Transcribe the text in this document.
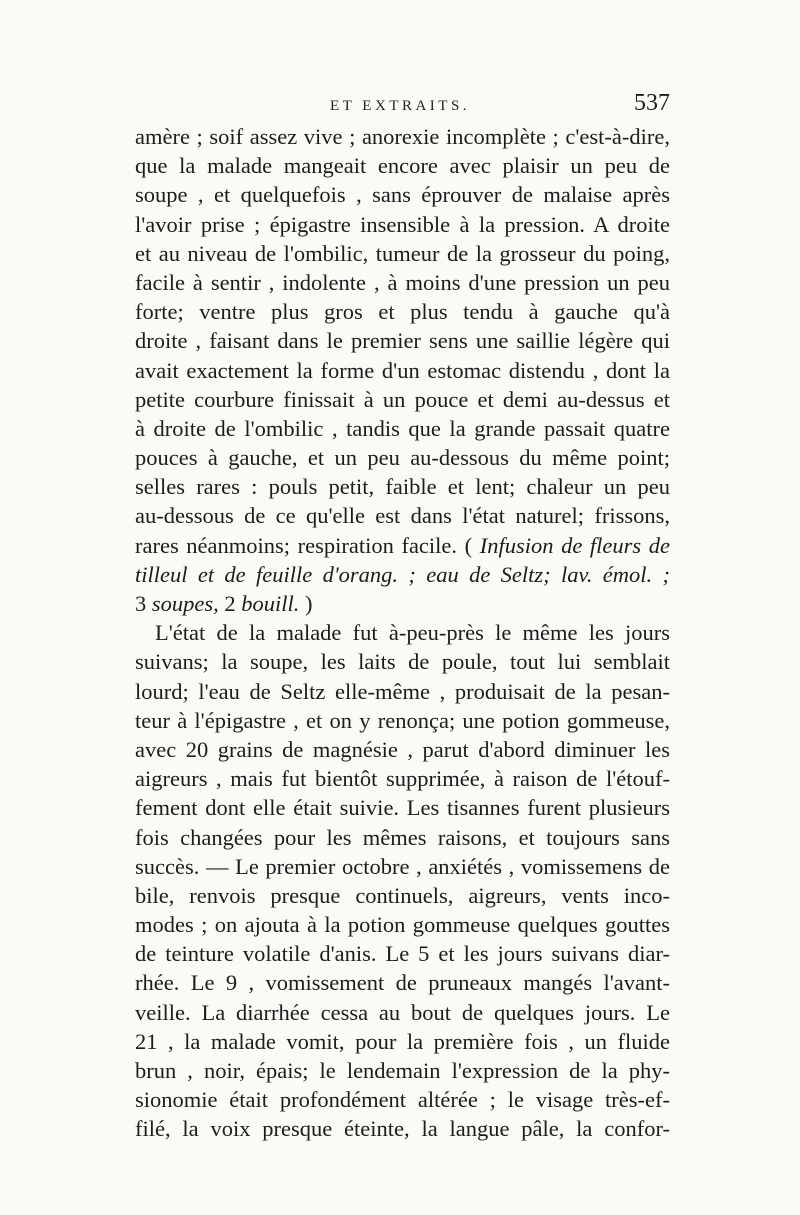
ET EXTRAITS.	537
amère ; soif assez vive ; anorexie incomplète ; c'est-à-dire,
que la malade mangeait encore avec plaisir un peu de
soupe , et quelquefois , sans éprouver de malaise après
l'avoir prise ; épigastre insensible à la pression. A droite
et au niveau de l'ombilic, tumeur de la grosseur du poing,
facile à sentir , indolente , à moins d'une pression un peu
forte; ventre plus gros et plus tendu à gauche qu'à
droite , faisant dans le premier sens une saillie légère qui
avait exactement la forme d'un estomac distendu , dont la
petite courbure finissait à un pouce et demi au-dessus et
à droite de l'ombilic , tandis que la grande passait quatre
pouces à gauche, et un peu au-dessous du même point;
selles rares : pouls petit, faible et lent; chaleur un peu
au-dessous de ce qu'elle est dans l'état naturel; frissons,
rares néanmoins; respiration facile. ( Infusion de fleurs de
tilleul et de feuille d'orang. ; eau de Seltz; lav. émol. ;
3 soupes, 2 bouill. )
L'état de la malade fut à-peu-près le même les jours
suivans; la soupe, les laits de poule, tout lui semblait
lourd; l'eau de Seltz elle-même , produisait de la pesan-
teur à l'épigastre , et on y renonça; une potion gommeuse,
avec 20 grains de magnésie , parut d'abord diminuer les
aigreurs , mais fut bientôt supprimée, à raison de l'étouf-
fement dont elle était suivie. Les tisannes furent plusieurs
fois changées pour les mêmes raisons, et toujours sans
succès. — Le premier octobre , anxiétés , vomissemens de
bile, renvois presque continuels, aigreurs, vents inco-
modes ; on ajouta à la potion gommeuse quelques gouttes
de teinture volatile d'anis. Le 5 et les jours suivans diar-
rhée. Le 9 , vomissement de pruneaux mangés l'avant-
veille. La diarrhée cessa au bout de quelques jours. Le
21 , la malade vomit, pour la première fois , un fluide
brun , noir, épais; le lendemain l'expression de la phy-
sionomie était profondément altérée ; le visage très-ef-
filé, la voix presque éteinte, la langue pâle, la confor-
